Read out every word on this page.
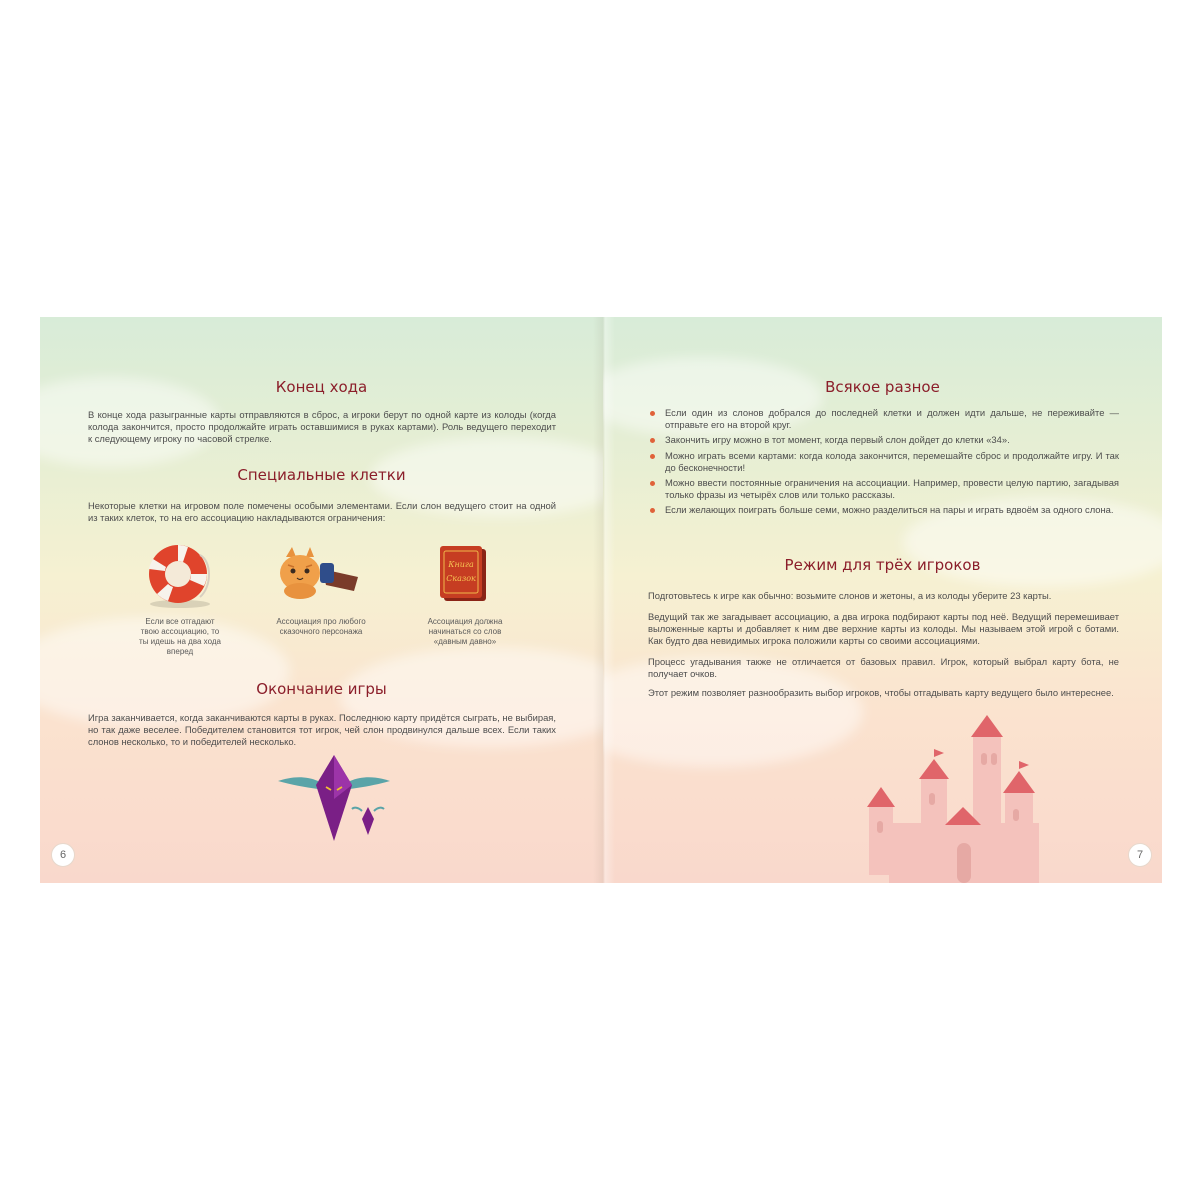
Конец хода

В конце хода разыгранные карты отправляются в сброс, а игроки берут по одной карте из колоды (когда колода закончится, просто продолжайте играть оставшимися в руках картами). Роль ведущего переходит к следующему игроку по часовой стрелке.

Специальные клетки

Некоторые клетки на игровом поле помечены особыми элементами. Если слон ведущего стоит на одной из таких клеток, то на его ассоциацию накладываются ограничения:

Если все отгадают твою ассоциацию, то ты идешь на два хода вперед
Ассоциация про любого сказочного персонажа
Книга
Сказок
Ассоциация должна начинаться со слов «давным давно»
Окончание игры

Игра заканчивается, когда заканчиваются карты в руках. Последнюю карту придётся сыграть, не выбирая, но так даже веселее. Победителем становится тот игрок, чей слон продвинулся дальше всех. Если таких слонов несколько, то и победителей несколько.

6
Всякое разное
Если один из слонов добрался до последней клетки и должен идти дальше, не переживайте — отправьте его на второй круг.
Закончить игру можно в тот момент, когда первый слон дойдет до клетки «34».
Можно играть всеми картами: когда колода закончится, перемешайте сброс и продолжайте игру. И так до бесконечности!
Можно ввести постоянные ограничения на ассоциации. Например, провести целую партию, загадывая только фразы из четырёх слов или только рассказы.
Если желающих поиграть больше семи, можно разделиться на пары и играть вдвоём за одного слона.
Режим для трёх игроков

Подготовьтесь к игре как обычно: возьмите слонов и жетоны, а из колоды уберите 23 карты.

Ведущий так же загадывает ассоциацию, а два игрока подбирают карты под неё. Ведущий перемешивает выложенные карты и добавляет к ним две верхние карты из колоды. Мы называем этой игрой с ботами. Как будто два невидимых игрока положили карты со своими ассоциациями.

Процесс угадывания также не отличается от базовых правил. Игрок, который выбрал карту бота, не получает очков.

Этот режим позволяет разнообразить выбор игроков, чтобы отгадывать карту ведущего было интереснее.

7
